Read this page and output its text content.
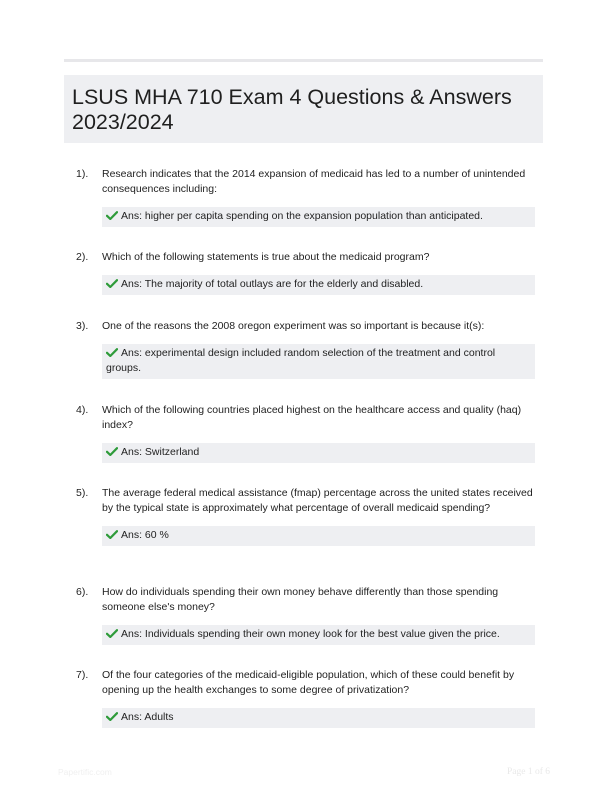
LSUS MHA 710 Exam 4 Questions & Answers 2023/2024
1). Research indicates that the 2014 expansion of medicaid has led to a number of unintended consequences including:
Ans: higher per capita spending on the expansion population than anticipated.
2). Which of the following statements is true about the medicaid program?
Ans: The majority of total outlays are for the elderly and disabled.
3). One of the reasons the 2008 oregon experiment was so important is because it(s):
Ans: experimental design included random selection of the treatment and control groups.
4). Which of the following countries placed highest on the healthcare access and quality (haq) index?
Ans: Switzerland
5). The average federal medical assistance (fmap) percentage across the united states received by the typical state is approximately what percentage of overall medicaid spending?
Ans: 60 %
6). How do individuals spending their own money behave differently than those spending someone else's money?
Ans: Individuals spending their own money look for the best value given the price.
7). Of the four categories of the medicaid-eligible population, which of these could benefit by opening up the health exchanges to some degree of privatization?
Ans: Adults
Papertific.com	Page 1 of 6
